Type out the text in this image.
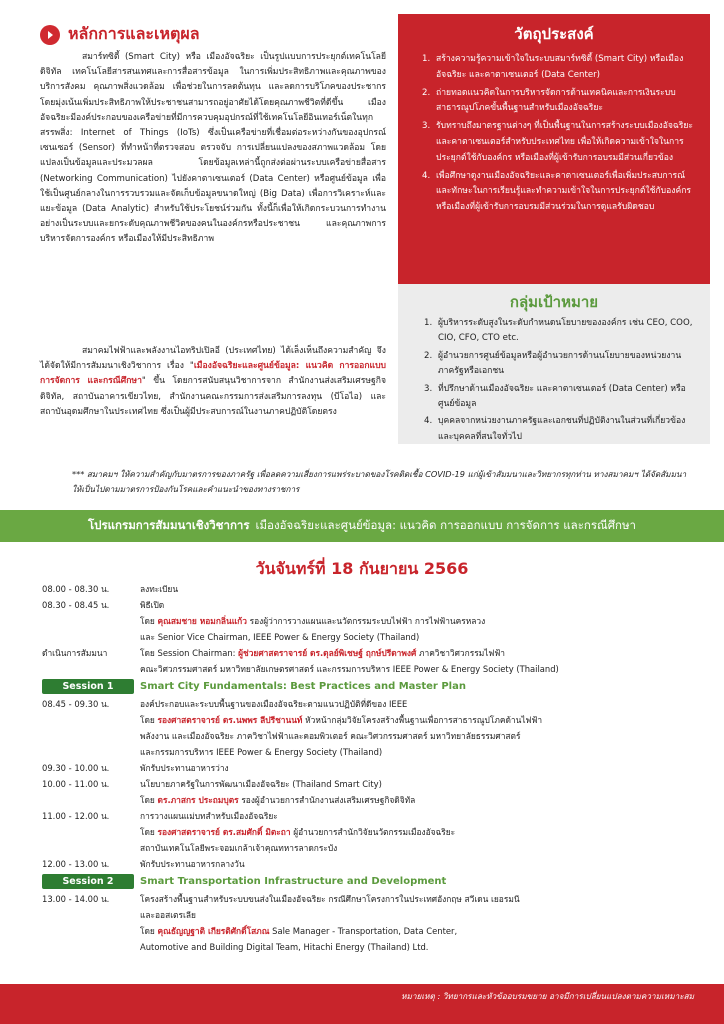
หลักการและเหตุผล
สมาร์ทซิตี้ (Smart City) หรือ เมืองอัจฉริยะ เป็นรูปแบบการประยุกต์เทคโนโลยีดิจิทัล เทคโนโลยีสารสนเทศและการสื่อสารข้อมูล ในการเพิ่มประสิทธิภาพและคุณภาพของบริการสังคม คุณภาพสิ่งแวดล้อม เพื่อช่วยในการลดต้นทุน และลดการบริโภคของประชากร โดยมุ่งเน้นเพิ่มประสิทธิภาพให้ประชาชนสามารถอยู่อาศัยได้โดยคุณภาพชีวิตที่ดีขึ้น เมืองอัจฉริยะมีองค์ประกอบของเครือข่ายที่มีการควบคุมอุปกรณ์ที่ใช้เทคโนโลยีอินเทอร์เน็ตในทุกสรรพสิ่ง: Internet of Things (IoTs) ซึ่งเป็นเครือข่ายที่เชื่อมต่อระหว่างกันของอุปกรณ์เซนเซอร์ (Sensor) ที่ทำหน้าที่ตรวจสอบ ตรวจจับ การเปลี่ยนแปลงของสภาพแวดล้อม โดยแปลงเป็นข้อมูลและประมวลผล โดยข้อมูลเหล่านี้ถูกส่งต่อผ่านระบบเครือข่ายสื่อสาร (Networking Communication) ไปยังคาตาเซนเตอร์ (Data Center) หรือศูนย์ข้อมูล เพื่อใช้เป็นศูนย์กลางในการรวบรวมและจัดเก็บข้อมูลขนาดใหญ่ (Big Data) เพื่อการวิเคราะห์และแยะข้อมูล (Data Analytic) สำหรับใช้ประโยชน์ร่วมกัน ทั้งนี้ก็เพื่อให้เกิดกระบวนการทำงานอย่างเป็นระบบและยกระดับคุณภาพชีวิตของคนในองค์กรหรือประชาชน และคุณภาพการบริหารจัดการองค์กร หรือเมืองให้มีประสิทธิภาพ
สมาคมไฟฟ้าและพลังงานไอทริปเปิลอี (ประเทศไทย) ได้เล็งเห็นถึงความสำคัญ จึงได้จัดให้มีการสัมมนาเชิงวิชาการ เรื่อง "เมืองอัจฉริยะและศูนย์ข้อมูล: แนวคิด การออกแบบ การจัดการ และกรณีศึกษา" ขึ้น โดยการสนับสนุนวิชาการจาก สำนักงานส่งเสริมเศรษฐกิจดิจิทัล, สถาบันอาคารเขียวไทย, สำนักงานคณะกรรมการส่งเสริมการลงทุน (บีโอไอ) และสถาบันอุดมศึกษาในประเทศไทย ซึ่งเป็นผู้มีประสบการณ์ในงานภาคปฏิบัติโดยตรง
วัตถุประสงค์
1. สร้างความรู้ความเข้าใจในระบบสมาร์ทซิตี้ (Smart City) หรือเมืองอัจฉริยะ และคาตาเซนเตอร์ (Data Center)
2. ถ่ายทอดแนวคิดในการบริหารจัดการด้านเทคนิคและการเงินระบบสาธารณูปโภคขั้นพื้นฐานสำหรับเมืองอัจฉริยะ
3. รับทราบถึงมาตรฐานต่างๆ ที่เป็นพื้นฐานในการสร้างระบบเมืองอัจฉริยะ และคาตาเซนเตอร์สำหรับประเทศไทย เพื่อให้เกิดความเข้าใจในการประยุกต์ใช้กับองค์กร หรือเมืองที่ผู้เข้ารับการอบรมมีส่วนเกี่ยวข้อง
4. เพื่อศึกษาดูงานเมืองอัจฉริยะและคาตาเซนเตอร์เพื่อเพิ่มประสบการณ์และทักษะในการเรียนรู้และทำความเข้าใจในการประยุกต์ใช้กับองค์กร หรือเมืองที่ผู้เข้ารับการอบรมมีส่วนร่วมในการดูแลรับผิดชอบ
กลุ่มเป้าหมาย
1. ผู้บริหารระดับสูงในระดับกำหนดนโยบายขององค์กร เช่น CEO, COO, CIO, CFO, CTO etc.
2. ผู้อำนวยการศูนย์ข้อมูลหรือผู้อำนวยการด้านนโยบายของหน่วยงานภาครัฐหรือเอกชน
3. ที่ปรึกษาด้านเมืองอัจฉริยะ และคาตาเซนเตอร์ (Data Center) หรือศูนย์ข้อมูล
4. บุคคลจากหน่วยงานภาครัฐและเอกชนที่ปฏิบัติงานในส่วนที่เกี่ยวข้อง และบุคคลที่สนใจทั่วไป
*** สมาคมฯ ให้ความสำคัญกับมาตรการของภาครัฐ เพื่อลดความเสี่ยงการแพร่ระบาดของโรคติดเชื้อ COVID-19 แก่ผู้เข้าสัมมนาและวิทยากรทุกท่าน ทางสมาคมฯ ได้จัดสัมมนาให้เป็นไปตามมาตรการป้องกันโรคและคำแนะนำของทางราชการ
โปรแกรมการสัมมนาเชิงวิชาการ เมืองอัจฉริยะและศูนย์ข้อมูล: แนวคิด การออกแบบ การจัดการ และกรณีศึกษา
วันจันทร์ที่ 18 กันยายน 2566
08.00 - 08.30 น.	ลงทะเบียน
08.30 - 08.45 น.	พิธีเปิด
โดย คุณสมชาย หอมกลิ่นแก้ว รองผู้ว่าการวางแผนและนวัตกรรมระบบไฟฟ้า การไฟฟ้านครหลวง
และ Senior Vice Chairman, IEEE Power & Energy Society (Thailand)
ดำเนินการสัมมนา	โดย Session Chairman: ผู้ช่วยศาสตราจารย์ ดร.ดุลย์พิเชษฐ์ ฤกษ์ปรีดาพงศ์ ภาควิชาวิศวกรรมไฟฟ้า
คณะวิศวกรรมศาสตร์ มหาวิทยาลัยเกษตรศาสตร์ และกรรมการบริหาร IEEE Power & Energy Society (Thailand)
Session 1	Smart City Fundamentals: Best Practices and Master Plan
08.45 - 09.30 น.	องค์ประกอบและระบบพื้นฐานของเมืองอัจฉริยะตามแนวปฏิบัติที่ดีของ IEEE
โดย รองศาสตราจารย์ ดร.นพพร ลีปรีชานนท์ หัวหน้ากลุ่มวิจัยโครงสร้างพื้นฐานเพื่อการสาธารณูปโภคด้านไฟฟ้า
พลังงาน และเมืองอัจฉริยะ ภาควิชาไฟฟ้าและคอมพิวเตอร์ คณะวิศวกรรมศาสตร์ มหาวิทยาลัยธรรมศาสตร์
และกรรมการบริหาร IEEE Power & Energy Society (Thailand)
09.30 - 10.00 น.	พักรับประทานอาหารว่าง
10.00 - 11.00 น.	นโยบายภาครัฐในการพัฒนาเมืองอัจฉริยะ (Thailand Smart City)
โดย ดร.ภาสกร ประถมบุตร รองผู้อำนวยการสำนักงานส่งเสริมเศรษฐกิจดิจิทัล
11.00 - 12.00 น.	การวางแผนแม่บทสำหรับเมืองอัจฉริยะ
โดย รองศาสตราจารย์ ดร.สมศักดิ์ มิตะถา ผู้อำนวยการสำนักวิจัยนวัตกรรมเมืองอัจฉริยะ
สถาบันเทคโนโลยีพระจอมเกล้าเจ้าคุณทหารลาดกระบัง
12.00 - 13.00 น.	พักรับประทานอาหารกลางวัน
Session 2	Smart Transportation Infrastructure and Development
13.00 - 14.00 น.	โครงสร้างพื้นฐานสำหรับระบบขนส่งในเมืองอัจฉริยะ กรณีศึกษาโครงการในประเทศอังกฤษ สวีเดน เยอรมนี
และออสเตรเลีย
โดย คุณธัญญฐาติ เกียรติศักดิ์โสภณ Sale Manager - Transportation, Data Center,
Automotive and Building Digital Team, Hitachi Energy (Thailand) Ltd.
หมายเหตุ : วิทยากรและหัวข้ออบรมขยาย อาจมีการเปลี่ยนแปลงตามความเหมาะสม
